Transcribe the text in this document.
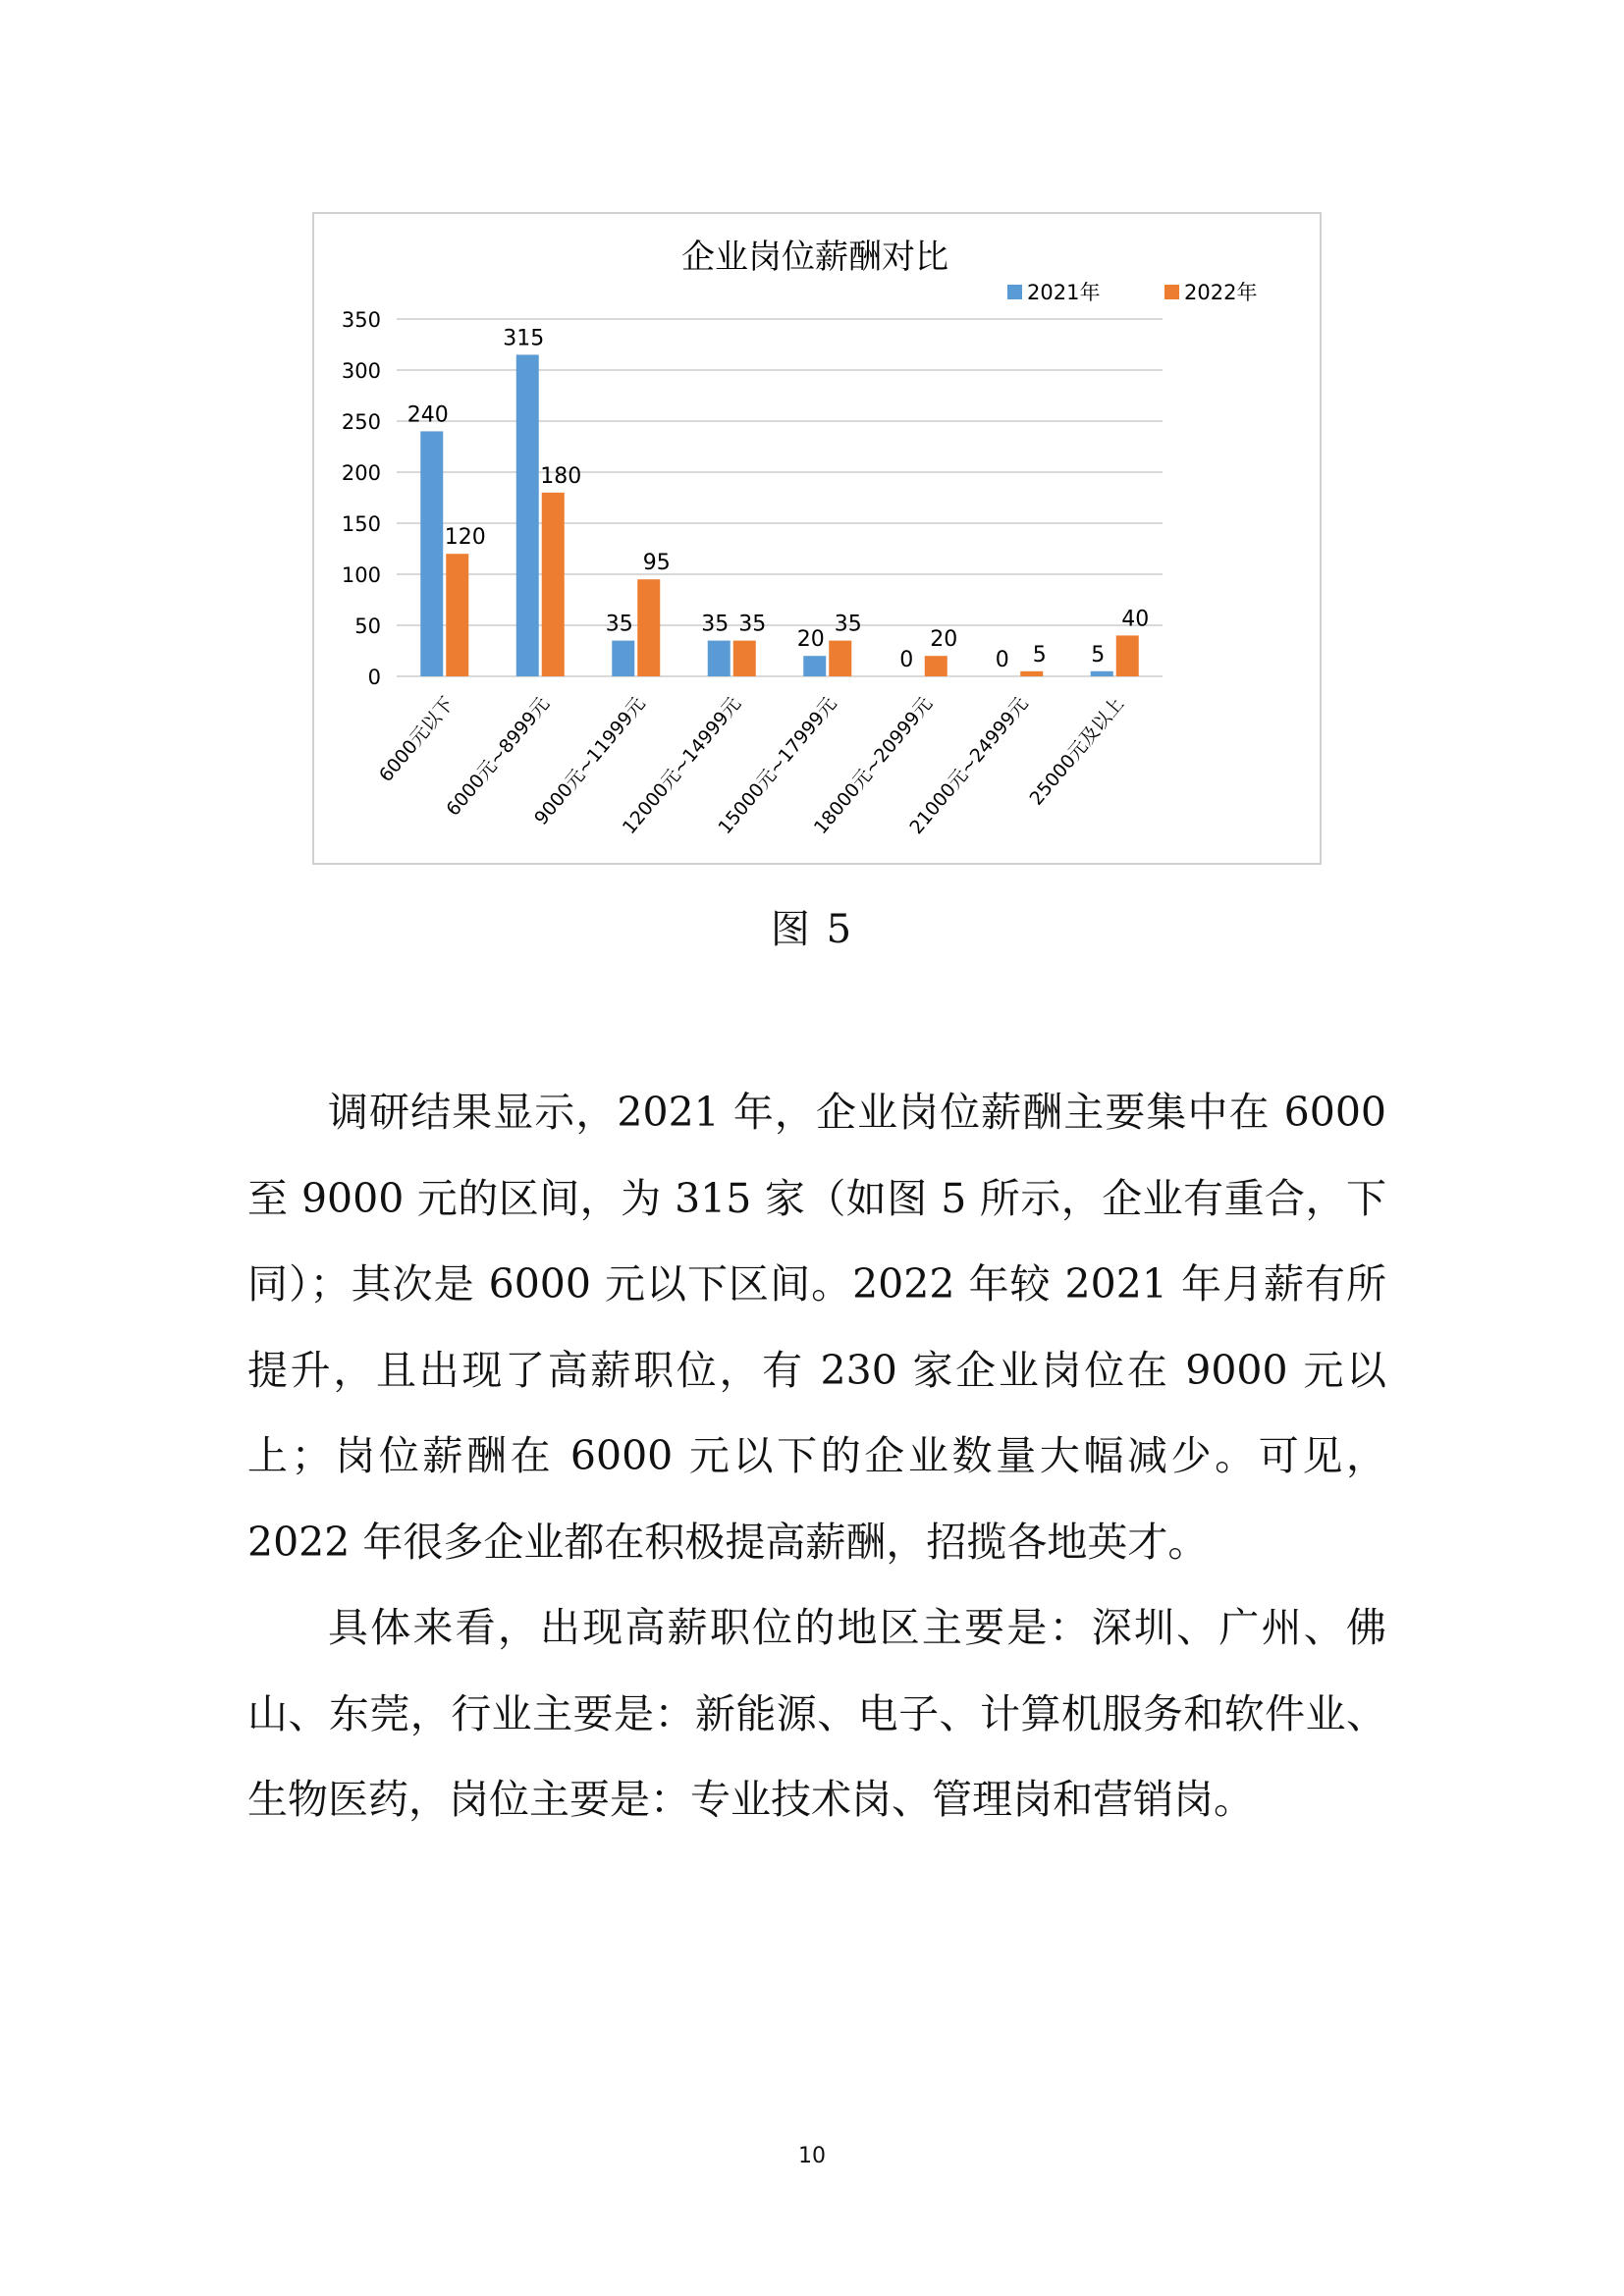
企业岗位薪酬对比
0
50
100
150
200
250
300
350
240
120
315
180
35
95
35 35
20
35
0
20
0 5 5
40
6000元以下
6000元~8999元
9000元~11999元
12000元~14999元
15000元~17999元
18000元~20999元
21000元~24999元
25000元及以上
2021年	2022年
图 5

调研结果显示，2021 年，企业岗位薪酬主要集中在 6000 至 9000 元的区间，为 315 家（如图 5 所示，企业有重合，下同）；其次是 6000 元以下区间。2022 年较 2021 年月薪有所提升，且出现了高薪职位，有 230 家企业岗位在 9000 元以上；岗位薪酬在 6000 元以下的企业数量大幅减少。可见，2022 年很多企业都在积极提高薪酬，招揽各地英才。

具体来看，出现高薪职位的地区主要是：深圳、广州、佛山、东莞，行业主要是：新能源、电子、计算机服务和软件业、生物医药，岗位主要是：专业技术岗、管理岗和营销岗。

10
